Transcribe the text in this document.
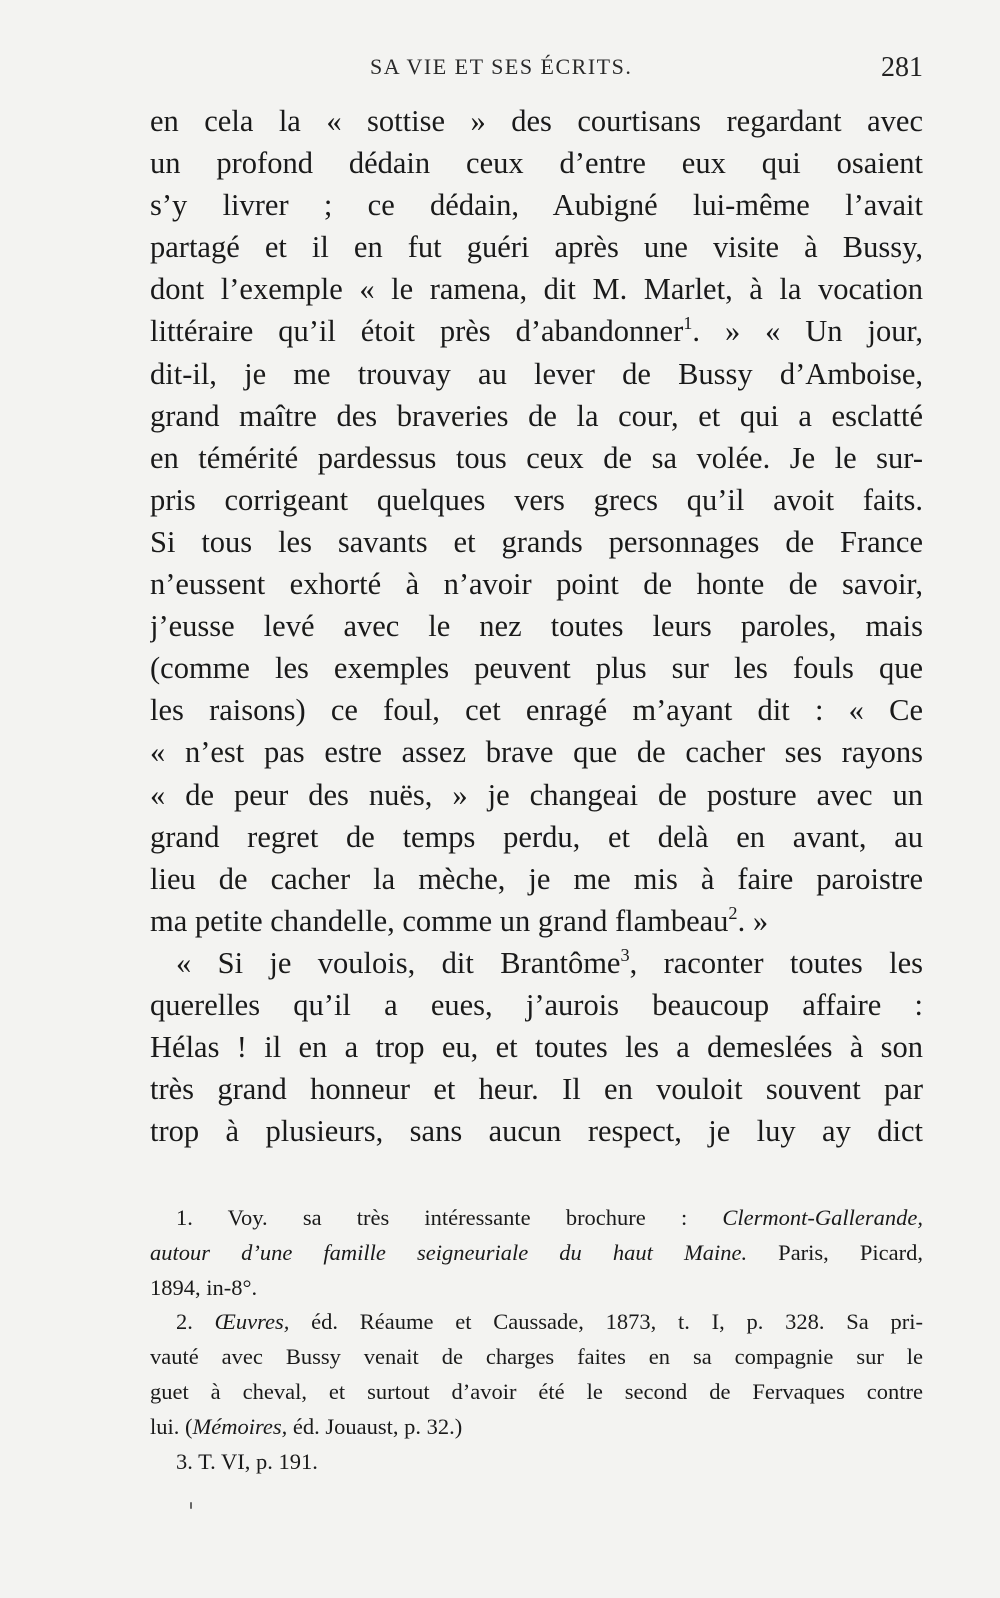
SA VIE ET SES ÉCRITS.	281
en cela la « sottise » des courtisans regardant avec
un profond dédain ceux d’entre eux qui osaient
s’y livrer ; ce dédain, Aubigné lui-même l’avait
partagé et il en fut guéri après une visite à Bussy,
dont l’exemple « le ramena, dit M. Marlet, à la vocation
littéraire qu’il étoit près d’abandonner$^1$. » « Un jour,
dit-il, je me trouvay au lever de Bussy d’Amboise,
grand maître des braveries de la cour, et qui a esclatté
en témérité pardessus tous ceux de sa volée. Je le sur-
pris corrigeant quelques vers grecs qu’il avoit faits.
Si tous les savants et grands personnages de France
n’eussent exhorté à n’avoir point de honte de savoir,
j’eusse levé avec le nez toutes leurs paroles, mais
(comme les exemples peuvent plus sur les fouls que
les raisons) ce foul, cet enragé m’ayant dit : « Ce
« n’est pas estre assez brave que de cacher ses rayons
« de peur des nuës, » je changeai de posture avec un
grand regret de temps perdu, et delà en avant, au
lieu de cacher la mèche, je me mis à faire paroistre
ma petite chandelle, comme un grand flambeau$^2$. »
« Si je voulois, dit Brantôme$^3$, raconter toutes les
querelles qu’il a eues, j’aurois beaucoup affaire :
Hélas ! il en a trop eu, et toutes les a demeslées à son
très grand honneur et heur. Il en vouloit souvent par
trop à plusieurs, sans aucun respect, je luy ay dict
1. Voy. sa très intéressante brochure : Clermont-Gallerande,
autour d’une famille seigneuriale du haut Maine. Paris, Picard,
1894, in-8°.
2. Œuvres, éd. Réaume et Caussade, 1873, t. I, p. 328. Sa pri-
vauté avec Bussy venait de charges faites en sa compagnie sur le
guet à cheval, et surtout d’avoir été le second de Fervaques contre
lui. (Mémoires, éd. Jouaust, p. 32.)
3. T. VI, p. 191.
